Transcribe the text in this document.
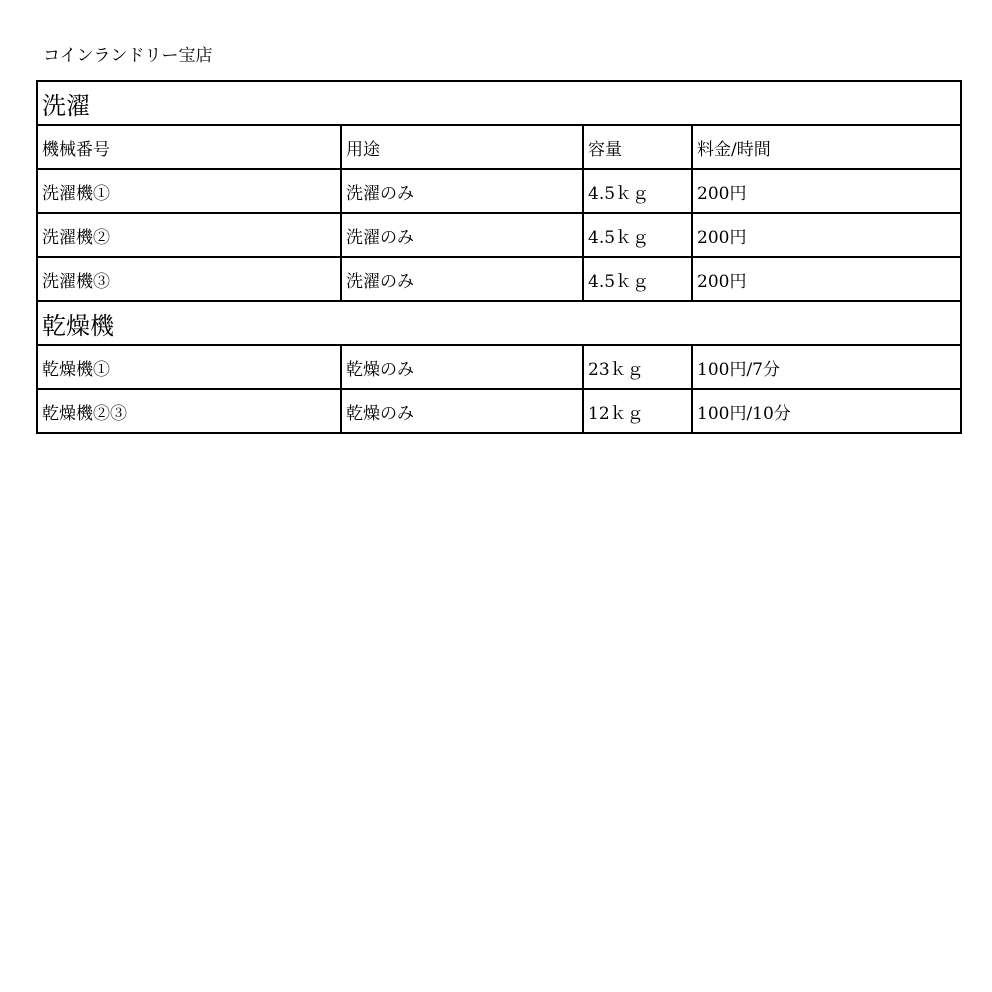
コインランドリー宝店
洗濯			
機械番号	用途	容量	料金/時間
洗濯機①	洗濯のみ	4.5ｋｇ	200円
洗濯機②	洗濯のみ	4.5ｋｇ	200円
洗濯機③	洗濯のみ	4.5ｋｇ	200円
乾燥機			
乾燥機①	乾燥のみ	23ｋｇ	100円/7分
乾燥機②③	乾燥のみ	12ｋｇ	100円/10分
